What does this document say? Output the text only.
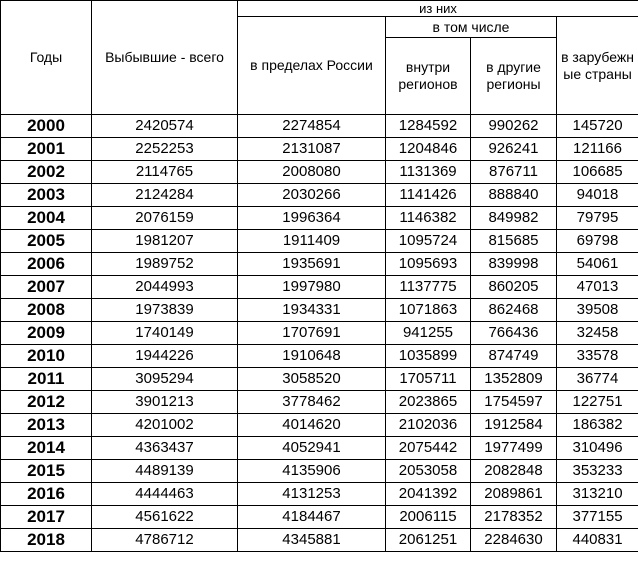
Годы	Выбывшие - всего	из них			
		в пределах России	в том числе		в зарубежные страны
			внутри регионов	в другие регионы	
2000	2420574	2274854	1284592	990262	145720
2001	2252253	2131087	1204846	926241	121166
2002	2114765	2008080	1131369	876711	106685
2003	2124284	2030266	1141426	888840	94018
2004	2076159	1996364	1146382	849982	79795
2005	1981207	1911409	1095724	815685	69798
2006	1989752	1935691	1095693	839998	54061
2007	2044993	1997980	1137775	860205	47013
2008	1973839	1934331	1071863	862468	39508
2009	1740149	1707691	941255	766436	32458
2010	1944226	1910648	1035899	874749	33578
2011	3095294	3058520	1705711	1352809	36774
2012	3901213	3778462	2023865	1754597	122751
2013	4201002	4014620	2102036	1912584	186382
2014	4363437	4052941	2075442	1977499	310496
2015	4489139	4135906	2053058	2082848	353233
2016	4444463	4131253	2041392	2089861	313210
2017	4561622	4184467	2006115	2178352	377155
2018	4786712	4345881	2061251	2284630	440831
